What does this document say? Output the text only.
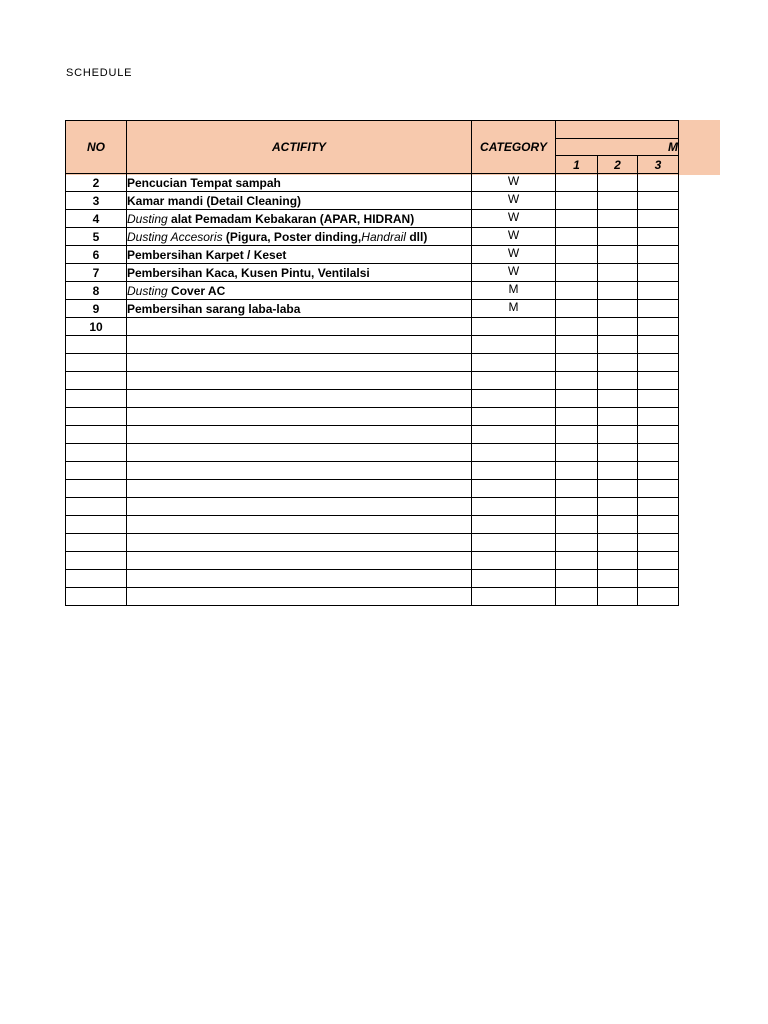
SCHEDULE
NO	ACTIFITY	CATEGORY			
			M		
			1	2	3
2	Pencucian Tempat sampah	W			
3	Kamar mandi (Detail Cleaning)	W			
4	Dusting alat Pemadam Kebakaran (APAR, HIDRAN)	W			
5	Dusting Accesoris (Pigura, Poster dinding,Handrail dll)	W			
6	Pembersihan Karpet / Keset	W			
7	Pembersihan Kaca, Kusen Pintu, Ventilalsi	W			
8	Dusting Cover AC	M			
9	Pembersihan sarang laba-laba	M			
10					
